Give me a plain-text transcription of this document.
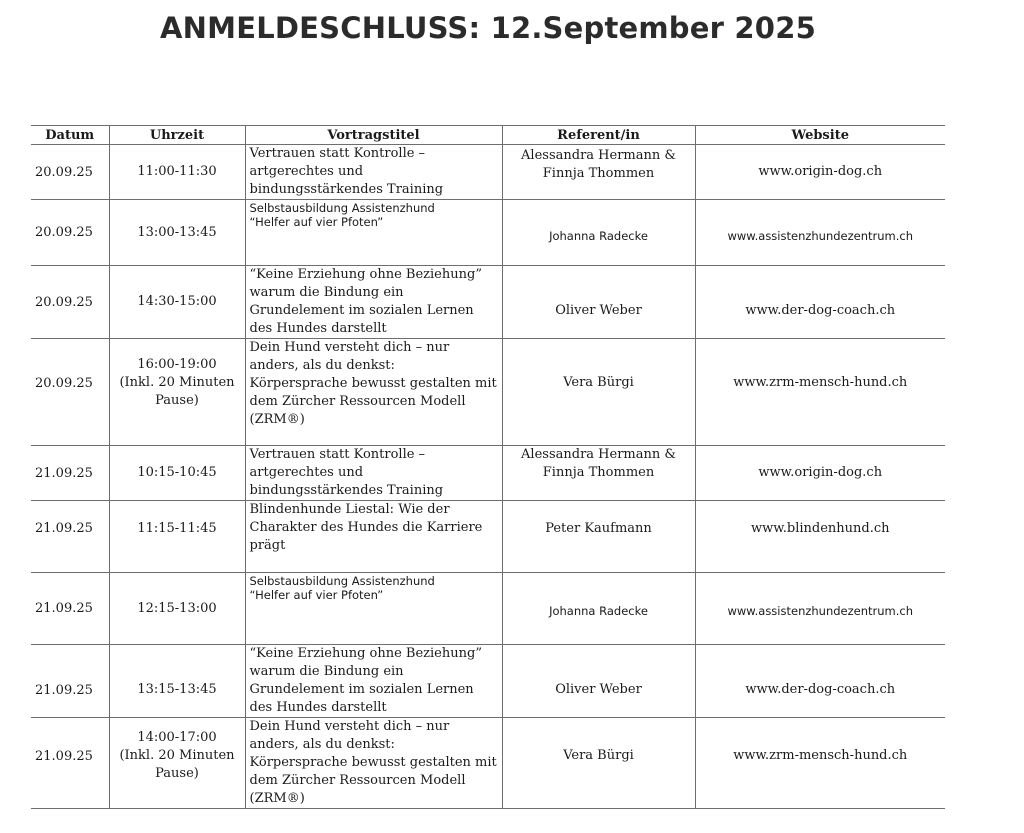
ANMELDESCHLUSS: 12.September 2025
Datum	Uhrzeit	Vortragstitel	Referent/in	Website
20.09.25	11:00-11:30	Vertrauen statt Kontrolle –
artgerechtes und
bindungsstärkendes Training	Alessandra Hermann &
Finnja Thommen	www.origin-dog.ch
20.09.25	13:00-13:45	Selbstausbildung Assistenzhund
“Helfer auf vier Pfoten”	Johanna Radecke	www.assistenzhundezentrum.ch
20.09.25	14:30-15:00	“Keine Erziehung ohne Beziehung”
warum die Bindung ein
Grundelement im sozialen Lernen
des Hundes darstellt	Oliver Weber	www.der-dog-coach.ch
20.09.25	16:00-19:00
(Inkl. 20 Minuten
Pause)	Dein Hund versteht dich – nur
anders, als du denkst:
Körpersprache bewusst gestalten mit
dem Zürcher Ressourcen Modell
(ZRM®)	Vera Bürgi	www.zrm-mensch-hund.ch
21.09.25	10:15-10:45	Vertrauen statt Kontrolle –
artgerechtes und
bindungsstärkendes Training	Alessandra Hermann &
Finnja Thommen	www.origin-dog.ch
21.09.25	11:15-11:45	Blindenhunde Liestal: Wie der
Charakter des Hundes die Karriere
prägt	Peter Kaufmann	www.blindenhund.ch
21.09.25	12:15-13:00	Selbstausbildung Assistenzhund
“Helfer auf vier Pfoten”	Johanna Radecke	www.assistenzhundezentrum.ch
21.09.25	13:15-13:45	“Keine Erziehung ohne Beziehung”
warum die Bindung ein
Grundelement im sozialen Lernen
des Hundes darstellt	Oliver Weber	www.der-dog-coach.ch
21.09.25	14:00-17:00
(Inkl. 20 Minuten
Pause)	Dein Hund versteht dich – nur
anders, als du denkst:
Körpersprache bewusst gestalten mit
dem Zürcher Ressourcen Modell
(ZRM®)	Vera Bürgi	www.zrm-mensch-hund.ch
